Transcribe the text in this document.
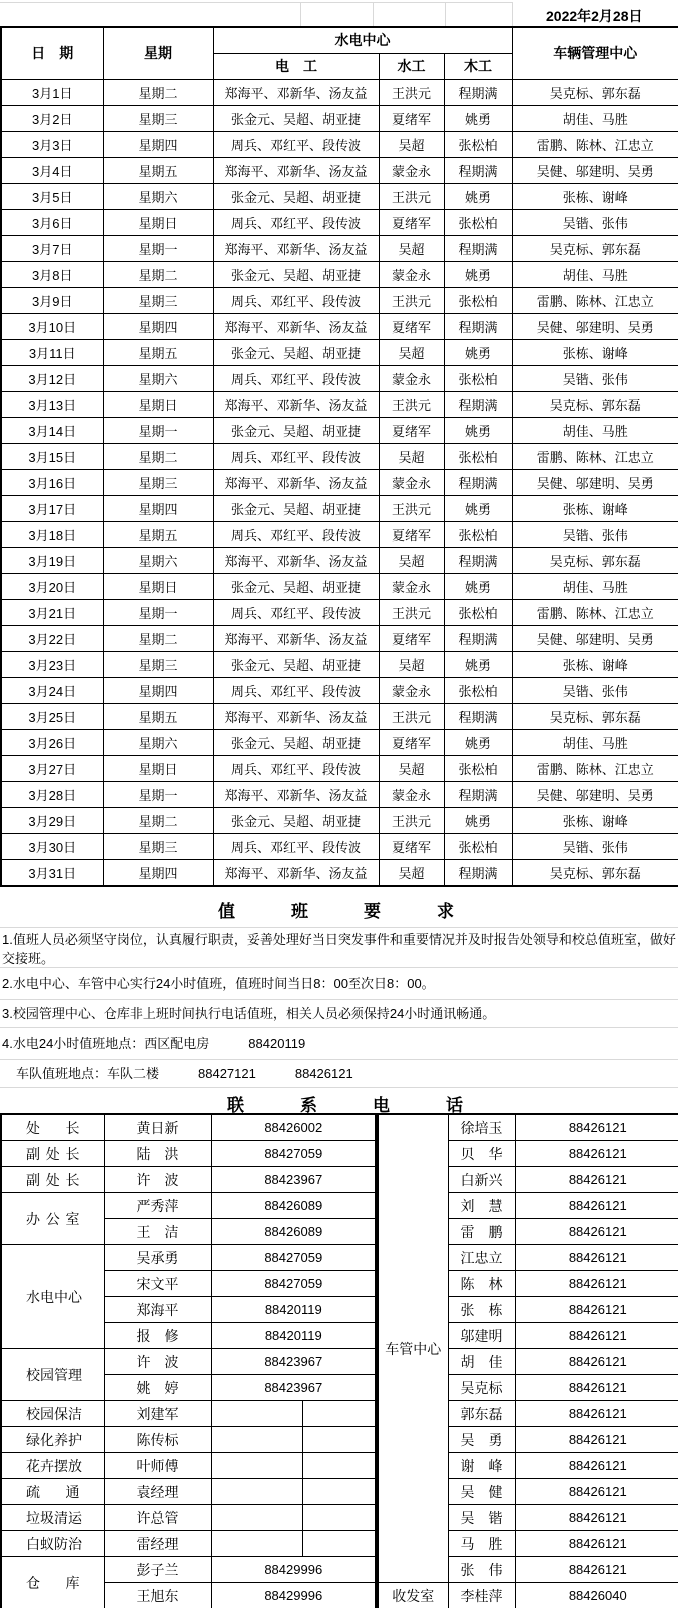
2022年2月28日
日　期	星期	水电中心			车辆管理中心
		电　工	水工	木工	
3月1日	星期二	郑海平、邓新华、汤友益	王洪元	程期满	吴克标、郭东磊
3月2日	星期三	张金元、吴超、胡亚捷	夏绪军	姚勇	胡佳、马胜
3月3日	星期四	周兵、邓红平、段传波	吴超	张松柏	雷鹏、陈林、江忠立
3月4日	星期五	郑海平、邓新华、汤友益	蒙金永	程期满	吴健、邬建明、吴勇
3月5日	星期六	张金元、吴超、胡亚捷	王洪元	姚勇	张栋、谢峰
3月6日	星期日	周兵、邓红平、段传波	夏绪军	张松柏	吴锴、张伟
3月7日	星期一	郑海平、邓新华、汤友益	吴超	程期满	吴克标、郭东磊
3月8日	星期二	张金元、吴超、胡亚捷	蒙金永	姚勇	胡佳、马胜
3月9日	星期三	周兵、邓红平、段传波	王洪元	张松柏	雷鹏、陈林、江忠立
3月10日	星期四	郑海平、邓新华、汤友益	夏绪军	程期满	吴健、邬建明、吴勇
3月11日	星期五	张金元、吴超、胡亚捷	吴超	姚勇	张栋、谢峰
3月12日	星期六	周兵、邓红平、段传波	蒙金永	张松柏	吴锴、张伟
3月13日	星期日	郑海平、邓新华、汤友益	王洪元	程期满	吴克标、郭东磊
3月14日	星期一	张金元、吴超、胡亚捷	夏绪军	姚勇	胡佳、马胜
3月15日	星期二	周兵、邓红平、段传波	吴超	张松柏	雷鹏、陈林、江忠立
3月16日	星期三	郑海平、邓新华、汤友益	蒙金永	程期满	吴健、邬建明、吴勇
3月17日	星期四	张金元、吴超、胡亚捷	王洪元	姚勇	张栋、谢峰
3月18日	星期五	周兵、邓红平、段传波	夏绪军	张松柏	吴锴、张伟
3月19日	星期六	郑海平、邓新华、汤友益	吴超	程期满	吴克标、郭东磊
3月20日	星期日	张金元、吴超、胡亚捷	蒙金永	姚勇	胡佳、马胜
3月21日	星期一	周兵、邓红平、段传波	王洪元	张松柏	雷鹏、陈林、江忠立
3月22日	星期二	郑海平、邓新华、汤友益	夏绪军	程期满	吴健、邬建明、吴勇
3月23日	星期三	张金元、吴超、胡亚捷	吴超	姚勇	张栋、谢峰
3月24日	星期四	周兵、邓红平、段传波	蒙金永	张松柏	吴锴、张伟
3月25日	星期五	郑海平、邓新华、汤友益	王洪元	程期满	吴克标、郭东磊
3月26日	星期六	张金元、吴超、胡亚捷	夏绪军	姚勇	胡佳、马胜
3月27日	星期日	周兵、邓红平、段传波	吴超	张松柏	雷鹏、陈林、江忠立
3月28日	星期一	郑海平、邓新华、汤友益	蒙金永	程期满	吴健、邬建明、吴勇
3月29日	星期二	张金元、吴超、胡亚捷	王洪元	姚勇	张栋、谢峰
3月30日	星期三	周兵、邓红平、段传波	夏绪军	张松柏	吴锴、张伟
3月31日	星期四	郑海平、邓新华、汤友益	吴超	程期满	吴克标、郭东磊
值班要求
1.值班人员必须坚守岗位，认真履行职责，妥善处理好当日突发事件和重要情况并及时报告处领导和校总值班室，做好交接班。
2.水电中心、车管中心实行24小时值班，值班时间当日8：00至次日8：00。
3.校园管理中心、仓库非上班时间执行电话值班，相关人员必须保持24小时通讯畅通。
4.水电24小时值班地点：西区配电房　　　88420119
车队值班地点：车队二楼　　　88427121　　　88426121
联系电话
处长	黄日新	88426002	
副处长	陆　洪	88427059	
副处长	许　波	88423967	
办公室	严秀萍	88426089	
	王　洁	88426089	
水电中心	吴承勇	88427059	
	宋文平	88427059	
	郑海平	88420119	
	报　修	88420119	
校园管理	许　波	88423967	
	姚　婷	88423967	
校园保洁	刘建军		
绿化养护	陈传标		
花卉摆放	叶师傅		
疏通	袁经理		
垃圾清运	许总管		
白蚁防治	雷经理		
仓库	彭子兰	88429996	
	王旭东	88429996	
车管中心	徐培玉	88426121
	贝　华	88426121
	白新兴	88426121
	刘　慧	88426121
	雷　鹏	88426121
	江忠立	88426121
	陈　林	88426121
	张　栋	88426121
	邬建明	88426121
	胡　佳	88426121
	吴克标	88426121
	郭东磊	88426121
	吴　勇	88426121
	谢　峰	88426121
	吴　健	88426121
	吴　锴	88426121
	马　胜	88426121
	张　伟	88426121
收发室	李桂萍	88426040
